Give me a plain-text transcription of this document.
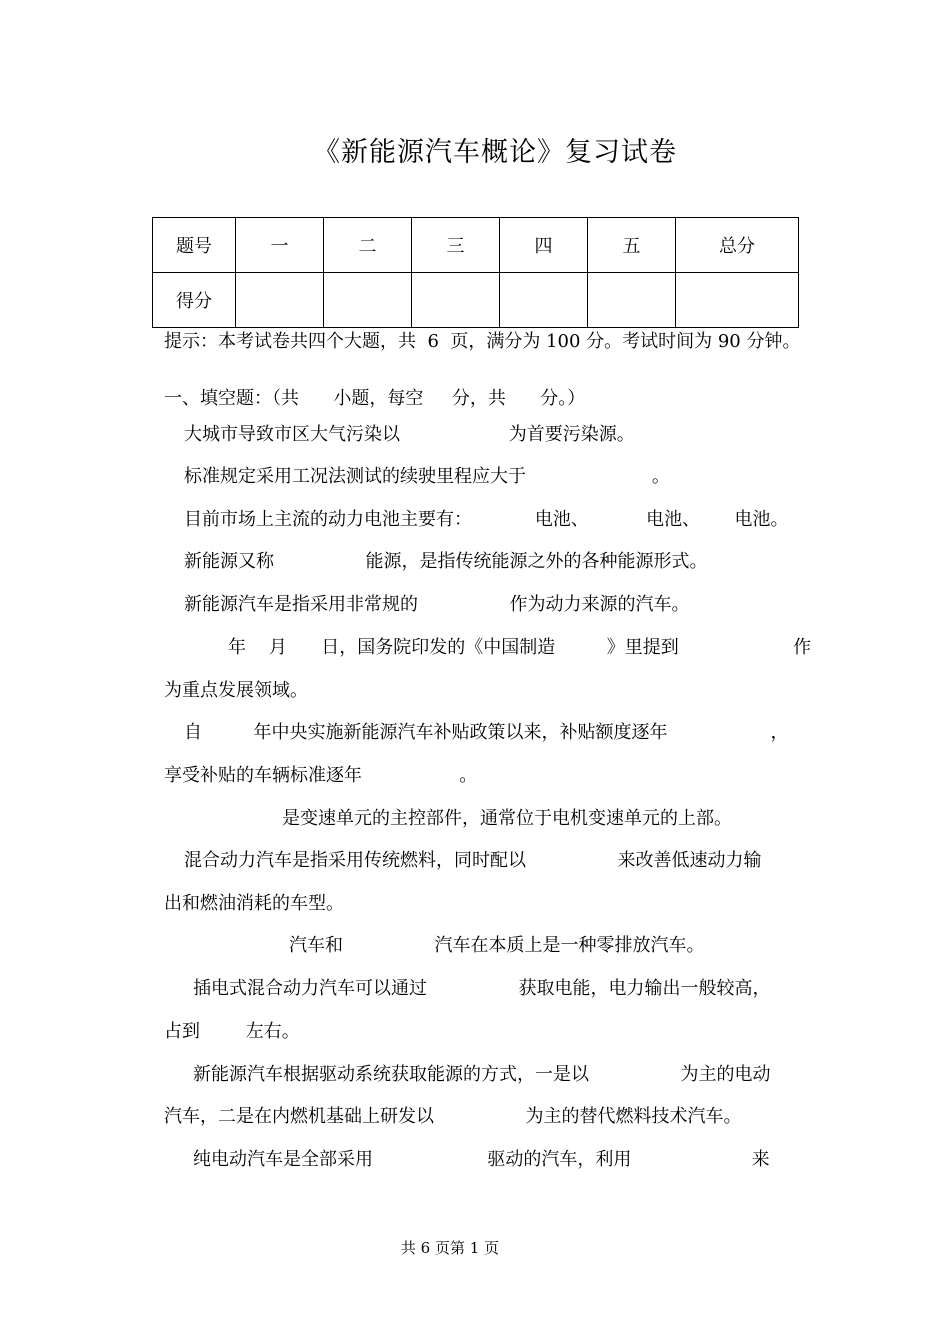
《新能源汽车概论》复习试卷
题号	一	二	三	四	五	总分
得分						
提示：本考试卷共四个大题，共  6  页，满分为 100 分。考试时间为 90 分钟。
一、填空题：（共      小题，每空     分，共      分。）
大城市导致市区大气污染以                   为首要污染源。
标准规定采用工况法测试的续驶里程应大于                      。
目前市场上主流的动力电池主要有：           电池、          电池、      电池。
新能源又称                能源，是指传统能源之外的各种能源形式。
新能源汽车是指采用非常规的                作为动力来源的汽车。
年    月      日，国务院印发的《中国制造         》里提到                    作
为重点发展领域。
自         年中央实施新能源汽车补贴政策以来，补贴额度逐年                  ，
享受补贴的车辆标准逐年                 。
是变速单元的主控部件，通常位于电机变速单元的上部。
混合动力汽车是指采用传统燃料，同时配以                来改善低速动力输
出和燃油消耗的车型。
汽车和                汽车在本质上是一种零排放汽车。
插电式混合动力汽车可以通过                获取电能，电力输出一般较高，
占到        左右。
新能源汽车根据驱动系统获取能源的方式，一是以                为主的电动
汽车，二是在内燃机基础上研发以                为主的替代燃料技术汽车。
纯电动汽车是全部采用                    驱动的汽车，利用                     来
共 6 页第 1 页
